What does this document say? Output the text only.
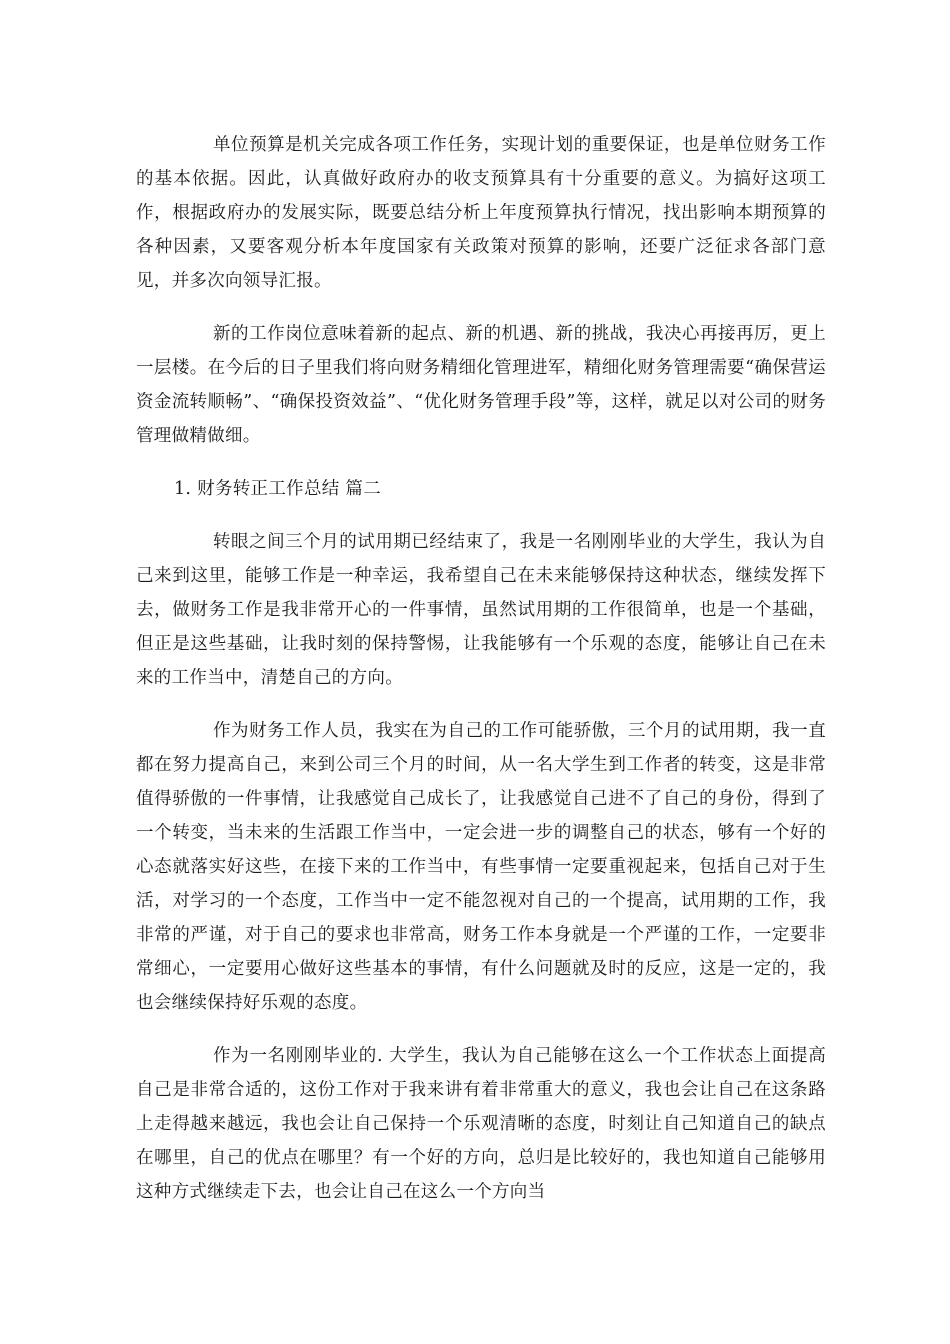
单位预算是机关完成各项工作任务，实现计划的重要保证，也是单位财务工作的基本依据。因此，认真做好政府办的收支预算具有十分重要的意义。为搞好这项工作，根据政府办的发展实际，既要总结分析上年度预算执行情况，找出影响本期预算的各种因素，又要客观分析本年度国家有关政策对预算的影响，还要广泛征求各部门意见，并多次向领导汇报。

新的工作岗位意味着新的起点、新的机遇、新的挑战，我决心再接再厉，更上一层楼。在今后的日子里我们将向财务精细化管理进军，精细化财务管理需要“确保营运资金流转顺畅”、“确保投资效益”、“优化财务管理手段”等，这样，就足以对公司的财务管理做精做细。

1. 财务转正工作总结 篇二

转眼之间三个月的试用期已经结束了，我是一名刚刚毕业的大学生，我认为自己来到这里，能够工作是一种幸运，我希望自己在未来能够保持这种状态，继续发挥下去，做财务工作是我非常开心的一件事情，虽然试用期的工作很简单，也是一个基础，但正是这些基础，让我时刻的保持警惕，让我能够有一个乐观的态度，能够让自己在未来的工作当中，清楚自己的方向。

作为财务工作人员，我实在为自己的工作可能骄傲，三个月的试用期，我一直都在努力提高自己，来到公司三个月的时间，从一名大学生到工作者的转变，这是非常值得骄傲的一件事情，让我感觉自己成长了，让我感觉自己进不了自己的身份，得到了一个转变，当未来的生活跟工作当中，一定会进一步的调整自己的状态，够有一个好的心态就落实好这些，在接下来的工作当中，有些事情一定要重视起来，包括自己对于生活，对学习的一个态度，工作当中一定不能忽视对自己的一个提高，试用期的工作，我非常的严谨，对于自己的要求也非常高，财务工作本身就是一个严谨的工作，一定要非常细心，一定要用心做好这些基本的事情，有什么问题就及时的反应，这是一定的，我也会继续保持好乐观的态度。

作为一名刚刚毕业的. 大学生，我认为自己能够在这么一个工作状态上面提高自己是非常合适的，这份工作对于我来讲有着非常重大的意义，我也会让自己在这条路上走得越来越远，我也会让自己保持一个乐观清晰的态度，时刻让自己知道自己的缺点在哪里，自己的优点在哪里？有一个好的方向，总归是比较好的，我也知道自己能够用这种方式继续走下去，也会让自己在这么一个方向当
